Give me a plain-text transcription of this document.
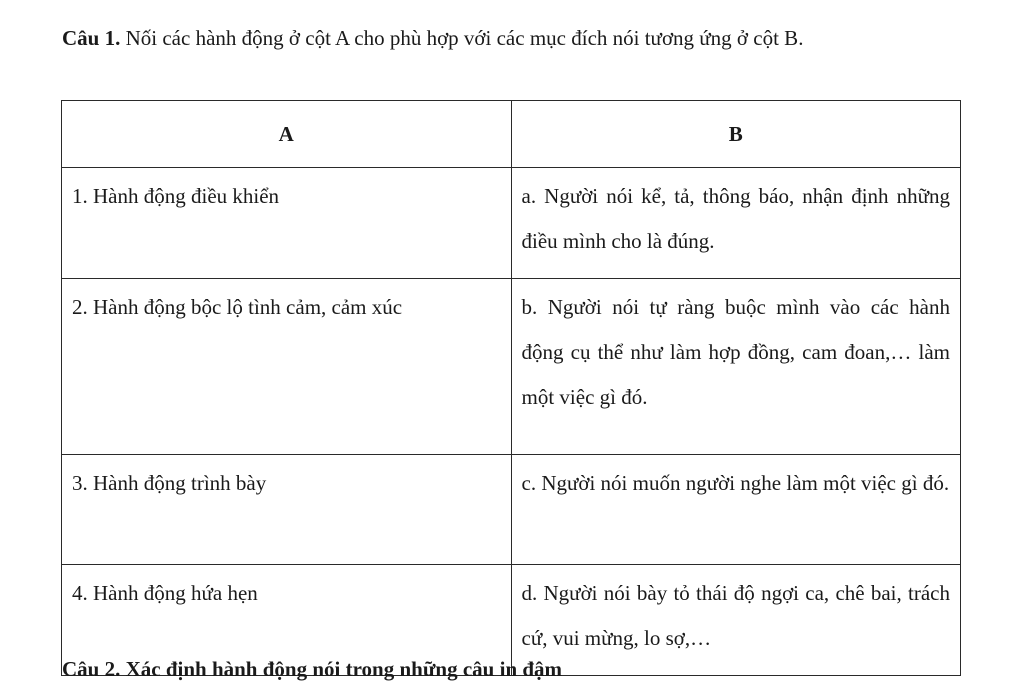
Câu 1. Nối các hành động ở cột A cho phù hợp với các mục đích nói tương ứng ở cột B.

A	B
1. Hành động điều khiển	a. Người nói kể, tả, thông báo, nhận định những điều mình cho là đúng.
2. Hành động bộc lộ tình cảm, cảm xúc	b. Người nói tự ràng buộc mình vào các hành động cụ thể như làm hợp đồng, cam đoan,… làm một việc gì đó.
3. Hành động trình bày	c. Người nói muốn người nghe làm một việc gì đó.
4. Hành động hứa hẹn	d. Người nói bày tỏ thái độ ngợi ca, chê bai, trách cứ, vui mừng, lo sợ,…
Câu 2. Xác định hành động nói trong những câu in đậm
